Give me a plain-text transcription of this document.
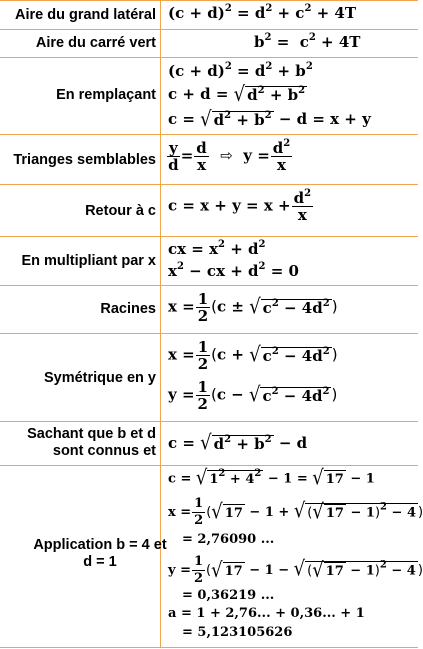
Aire du grand latéral $(c + d)^2 = d^2 + c^2 + 4T$
Aire du carré vert	$b^2 = c^2 + 4T$
En remplaçant
$(c + d)^2 = d^2 + b^2$
c + d = √ $d^2 + b^2$
c = √ $d^2 + b^2 - d = x + y$
Trianges semblables $\frac{y}{d} = \frac{d}{x}$ ⇨  $y = \frac{d^2}{x}$
Retour à c $c = x + y = x + \frac{d^2}{x}$
En multipliant par x
cx = $x^2 + d^2$
$x^2$ − cx + $d^2 = 0$
Racines $x = \frac{1}{2} (c$ ± √ $c^2 - 4d^2$ )
Symétrique en y
$x = \frac{1}{2} (c$ + √ $c^2 - 4d^2$ )
$y = \frac{1}{2} (c$ − √ $c^2 - 4d^2$ )
Sachant que b et d sont connus et c = √ $d^2 + b^2 - d$
Application b = 4 et d = 1
c = √ $1^2 + 4^2 - 1$ = √ 17 − 1
$x = \frac{1}{2}$ ( √ 17 − 1 + √ ( √ 17 − 1)$^2$ − 4 )
= 2,76090 ...
$y = \frac{1}{2}$ ( √ 17 − 1 − √ ( √ 17 − 1)$^2$ − 4 )
= 0,36219 ...
a = 1 + 2,76... + 0,36... + 1
= 5,123105626
